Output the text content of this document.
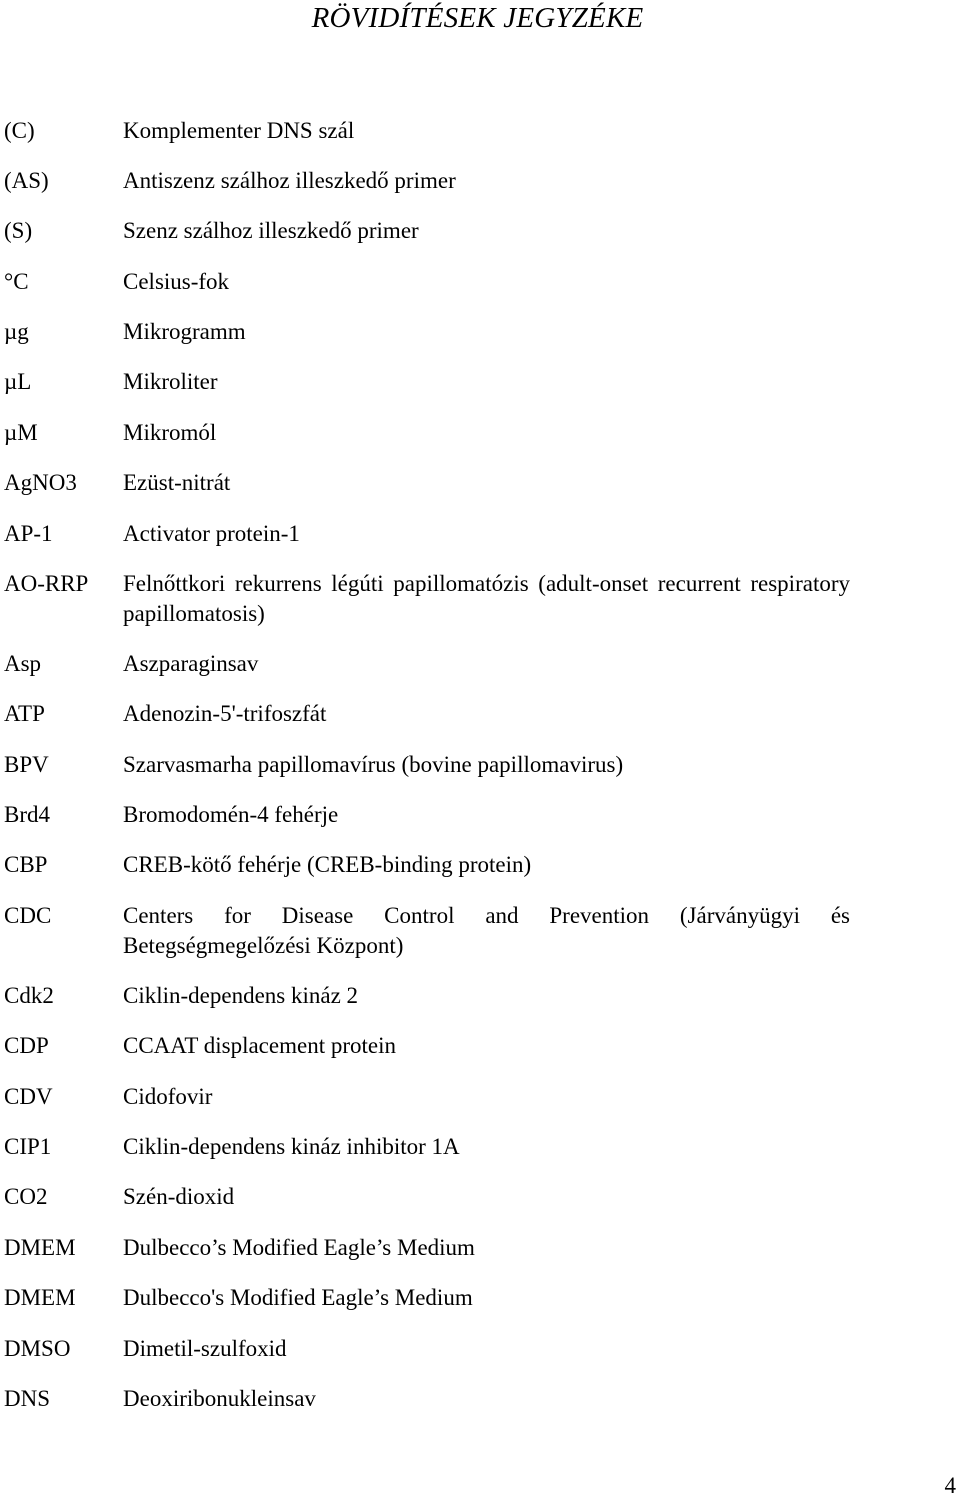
RÖVIDÍTÉSEK JEGYZÉKE
(C)	Komplementer DNS szál
(AS)	Antiszenz szálhoz illeszkedő primer
(S)	Szenz szálhoz illeszkedő primer
°C	Celsius-fok
µg	Mikrogramm
µL	Mikroliter
µM	Mikromól
AgNO3 Ezüst-nitrát
AP-1	Activator protein-1
AO-RRP Felnőttkori rekurrens légúti papillomatózis (adult-onset recurrent respiratory papillomatosis)
Asp	Aszparaginsav
ATP	Adenozin-5'-trifoszfát
BPV	Szarvasmarha papillomavírus (bovine papillomavirus)
Brd4	Bromodomén-4 fehérje
CBP	CREB-kötő fehérje (CREB-binding protein)
CDC	Centers for Disease Control and Prevention (Járványügyi és Betegségmegelőzési Központ)
Cdk2	Ciklin-dependens kináz 2
CDP	CCAAT displacement protein
CDV	Cidofovir
CIP1	Ciklin-dependens kináz inhibitor 1A
CO2	Szén-dioxid
DMEM Dulbecco’s Modified Eagle’s Medium
DMEM Dulbecco's Modified Eagle’s Medium
DMSO Dimetil-szulfoxid
DNS	Deoxiribonukleinsav
4
